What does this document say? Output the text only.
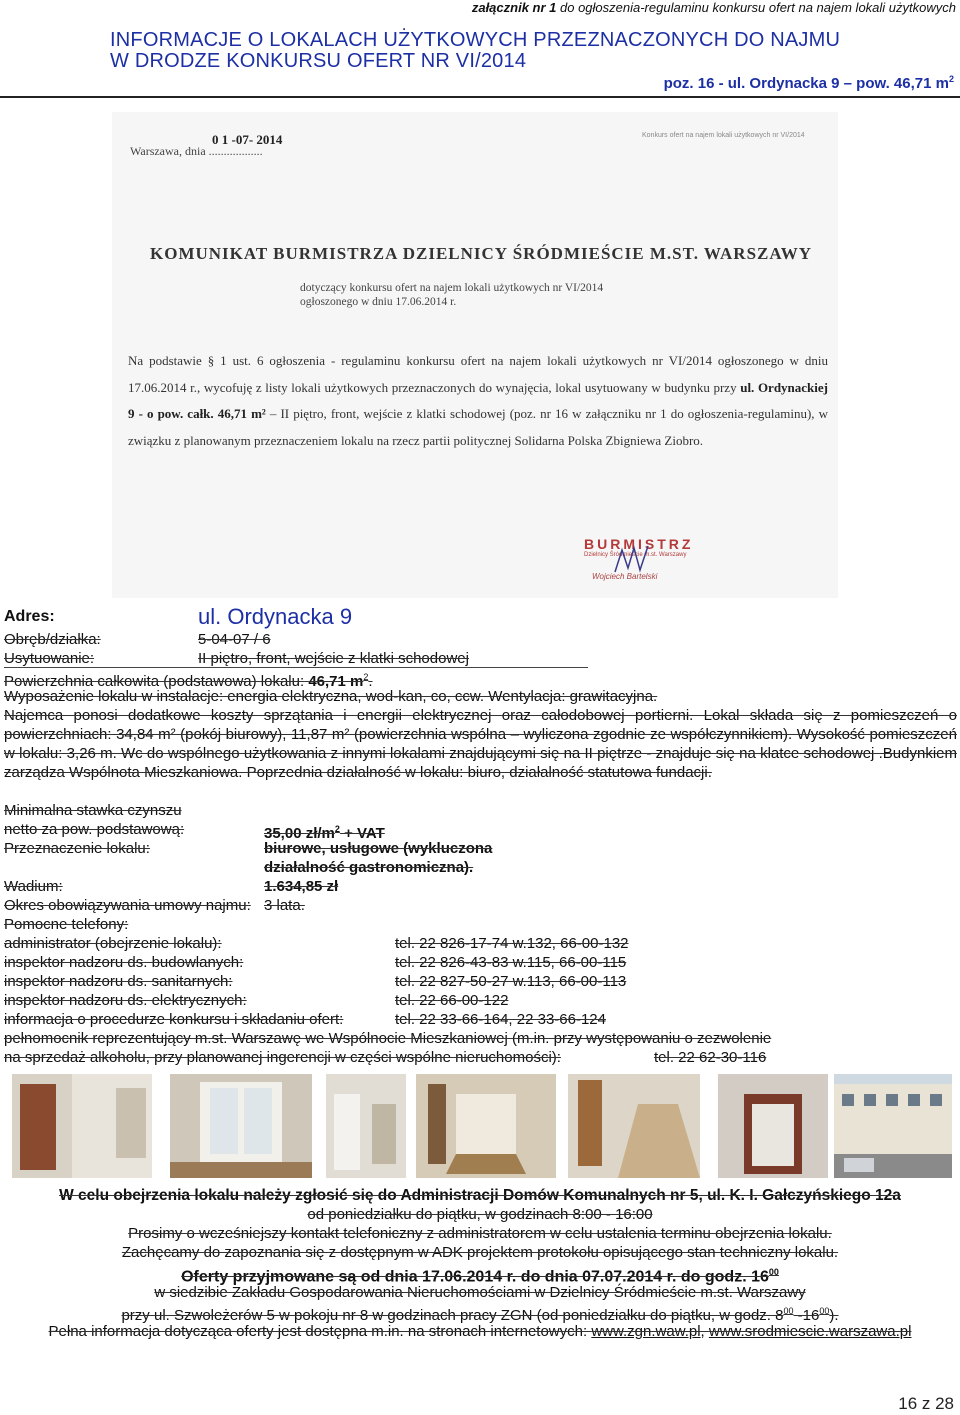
załącznik nr 1 do ogłoszenia-regulaminu konkursu ofert na najem lokali użytkowych
INFORMACJE O LOKALACH UŻYTKOWYCH PRZEZNACZONYCH DO NAJMU
W DRODZE KONKURSU OFERT NR VI/2014
poz. 16 - ul. Ordynacka 9 – pow. 46,71 $m^2$
Warszawa, dnia ..................
0 1 -07- 2014	Konkurs ofert na najem lokali użytkowych nr VI/2014
KOMUNIKAT BURMISTRZA DZIELNICY ŚRÓDMIEŚCIE M.ST. WARSZAWY
dotyczący konkursu ofert na najem lokali użytkowych nr VI/2014
ogłoszonego w dniu 17.06.2014 r.
Na podstawie § 1 ust. 6 ogłoszenia - regulaminu konkursu ofert na najem lokali użytkowych nr VI/2014 ogłoszonego w dniu 17.06.2014 r., wycofuję z listy lokali użytkowych przeznaczonych do wynajęcia, lokal usytuowany w budynku przy ul. Ordynackiej 9 - o pow. całk. 46,71 m² – II piętro, front, wejście z klatki schodowej (poz. nr 16 w załączniku nr 1 do ogłoszenia-regulaminu), w związku z planowanym przeznaczeniem lokalu na rzecz partii politycznej Solidarna Polska Zbigniewa Ziobro.
BURMISTRZ
Dzielnicy Śródmieście m.st. Warszawy
Wojciech Bartelski
Adres:	ul. Ordynacka 9
Obręb/działka:	5-04-07 / 6
Usytuowanie:	II piętro, front, wejście z klatki schodowej
Powierzchnia całkowita (podstawowa) lokalu: 46,71 $m^2$.
Wyposażenie lokalu w instalacje: energia elektryczna, wod-kan, co, ccw. Wentylacja: grawitacyjna.
Najemca ponosi dodatkowe koszty sprzątania i energii elektrycznej oraz całodobowej portierni. Lokal składa się z pomieszczeń o powierzchniach: 34,84 m² (pokój biurowy), 11,87 m² (powierzchnia wspólna – wyliczona zgodnie ze współczynnikiem). Wysokość pomieszczeń w lokalu: 3,26 m. Wc do wspólnego użytkowania z innymi lokalami znajdującymi się na II piętrze - znajduje się na klatce schodowej .Budynkiem zarządza Wspólnota Mieszkaniowa. Poprzednia działalność w lokalu: biuro, działalność statutowa fundacji.
Minimalna stawka czynszu
netto za pow. podstawową:	35,00 $zł/m^2$ + VAT
Przeznaczenie lokalu:	biurowe, usługowe (wykluczona
działalność gastronomiczna).
Wadium:	1.634,85 zł
Okres obowiązywania umowy najmu: 3 lata.
Pomocne telefony:
administrator (obejrzenie lokalu):	tel. 22 826-17-74 w.132, 66-00-132
inspektor nadzoru ds. budowlanych:	tel. 22 826-43-83 w.115, 66-00-115
inspektor nadzoru ds. sanitarnych:	tel. 22 827-50-27 w.113, 66-00-113
inspektor nadzoru ds. elektrycznych:	tel. 22 66-00-122
informacja o procedurze konkursu i składaniu ofert:	tel. 22 33-66-164, 22 33-66-124
pełnomocnik reprezentujący m.st. Warszawę we Wspólnocie Mieszkaniowej (m.in. przy występowaniu o zezwolenie
na sprzedaż alkoholu, przy planowanej ingerencji w części wspólne nieruchomości):	tel. 22 62-30-116
W celu obejrzenia lokalu należy zgłosić się do Administracji Domów Komunalnych nr 5, ul. K. I. Gałczyńskiego 12a
od poniedziałku do piątku, w godzinach 8:00 - 16:00
Prosimy o wcześniejszy kontakt telefoniczny z administratorem w celu ustalenia terminu obejrzenia lokalu.
Zachęcamy do zapoznania się z dostępnym w ADK projektem protokołu opisującego stan techniczny lokalu.
Oferty przyjmowane są od dnia 17.06.2014 r. do dnia 07.07.2014 r. do godz. $16^{00}$
w siedzibie Zakładu Gospodarowania Nieruchomościami w Dzielnicy Śródmieście m.st. Warszawy
przy ul. Szwoleżerów 5 w pokoju nr 8 w godzinach pracy ZGN (od poniedziałku do piątku, w godz. $8^{00}$ $-16^{00}$).
Pełna informacja dotycząca oferty jest dostępna m.in. na stronach internetowych: www.zgn.waw.pl, www.srodmiescie.warszawa.pl
16 z 28
